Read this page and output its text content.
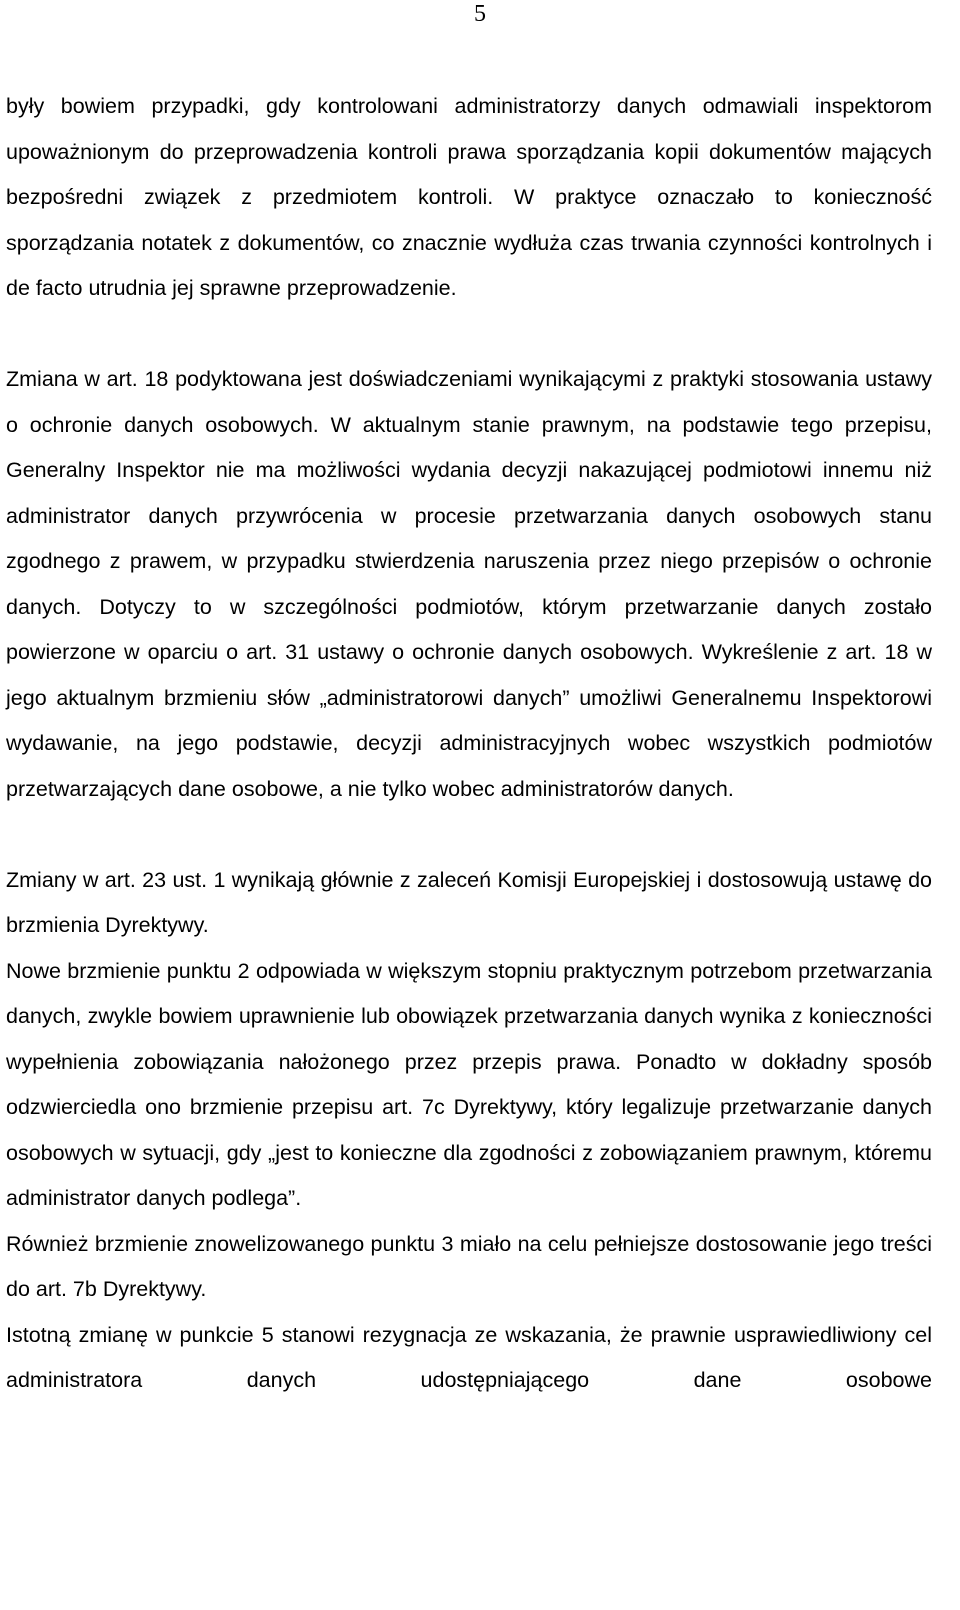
5

były bowiem przypadki, gdy kontrolowani administratorzy danych odmawiali inspektorom upoważnionym do przeprowadzenia kontroli prawa sporządzania kopii dokumentów mających bezpośredni związek z przedmiotem kontroli. W praktyce oznaczało to konieczność sporządzania notatek z dokumentów, co znacznie wydłuża czas trwania czynności kontrolnych i de facto utrudnia jej sprawne przeprowadzenie.

Zmiana w art. 18 podyktowana jest doświadczeniami wynikającymi z praktyki stosowania ustawy o ochronie danych osobowych. W aktualnym stanie prawnym, na podstawie tego przepisu, Generalny Inspektor nie ma możliwości wydania decyzji nakazującej podmiotowi innemu niż administrator danych przywrócenia w procesie przetwarzania danych osobowych stanu zgodnego z prawem, w przypadku stwierdzenia naruszenia przez niego przepisów o ochronie danych. Dotyczy to w szczególności podmiotów, którym przetwarzanie danych zostało powierzone w oparciu o art. 31 ustawy o ochronie danych osobowych. Wykreślenie z art. 18 w jego aktualnym brzmieniu słów „administratorowi danych” umożliwi Generalnemu Inspektorowi wydawanie, na jego podstawie, decyzji administracyjnych wobec wszystkich podmiotów przetwarzających dane osobowe, a nie tylko wobec administratorów danych.

Zmiany w art. 23 ust. 1 wynikają głównie z zaleceń Komisji Europejskiej i dostosowują ustawę do brzmienia Dyrektywy.

Nowe brzmienie punktu 2 odpowiada w większym stopniu praktycznym potrzebom przetwarzania danych, zwykle bowiem uprawnienie lub obowiązek przetwarzania danych wynika z konieczności wypełnienia zobowiązania nałożonego przez przepis prawa. Ponadto w dokładny sposób odzwierciedla ono brzmienie przepisu art. 7c Dyrektywy, który legalizuje przetwarzanie danych osobowych w sytuacji, gdy „jest to konieczne dla zgodności z zobowiązaniem prawnym, któremu administrator danych podlega”.

Również brzmienie znowelizowanego punktu 3 miało na celu pełniejsze dostosowanie jego treści do art. 7b Dyrektywy.

Istotną zmianę w punkcie 5 stanowi rezygnacja ze wskazania, że prawnie usprawiedliwiony cel administratora danych udostępniającego dane osobowe
